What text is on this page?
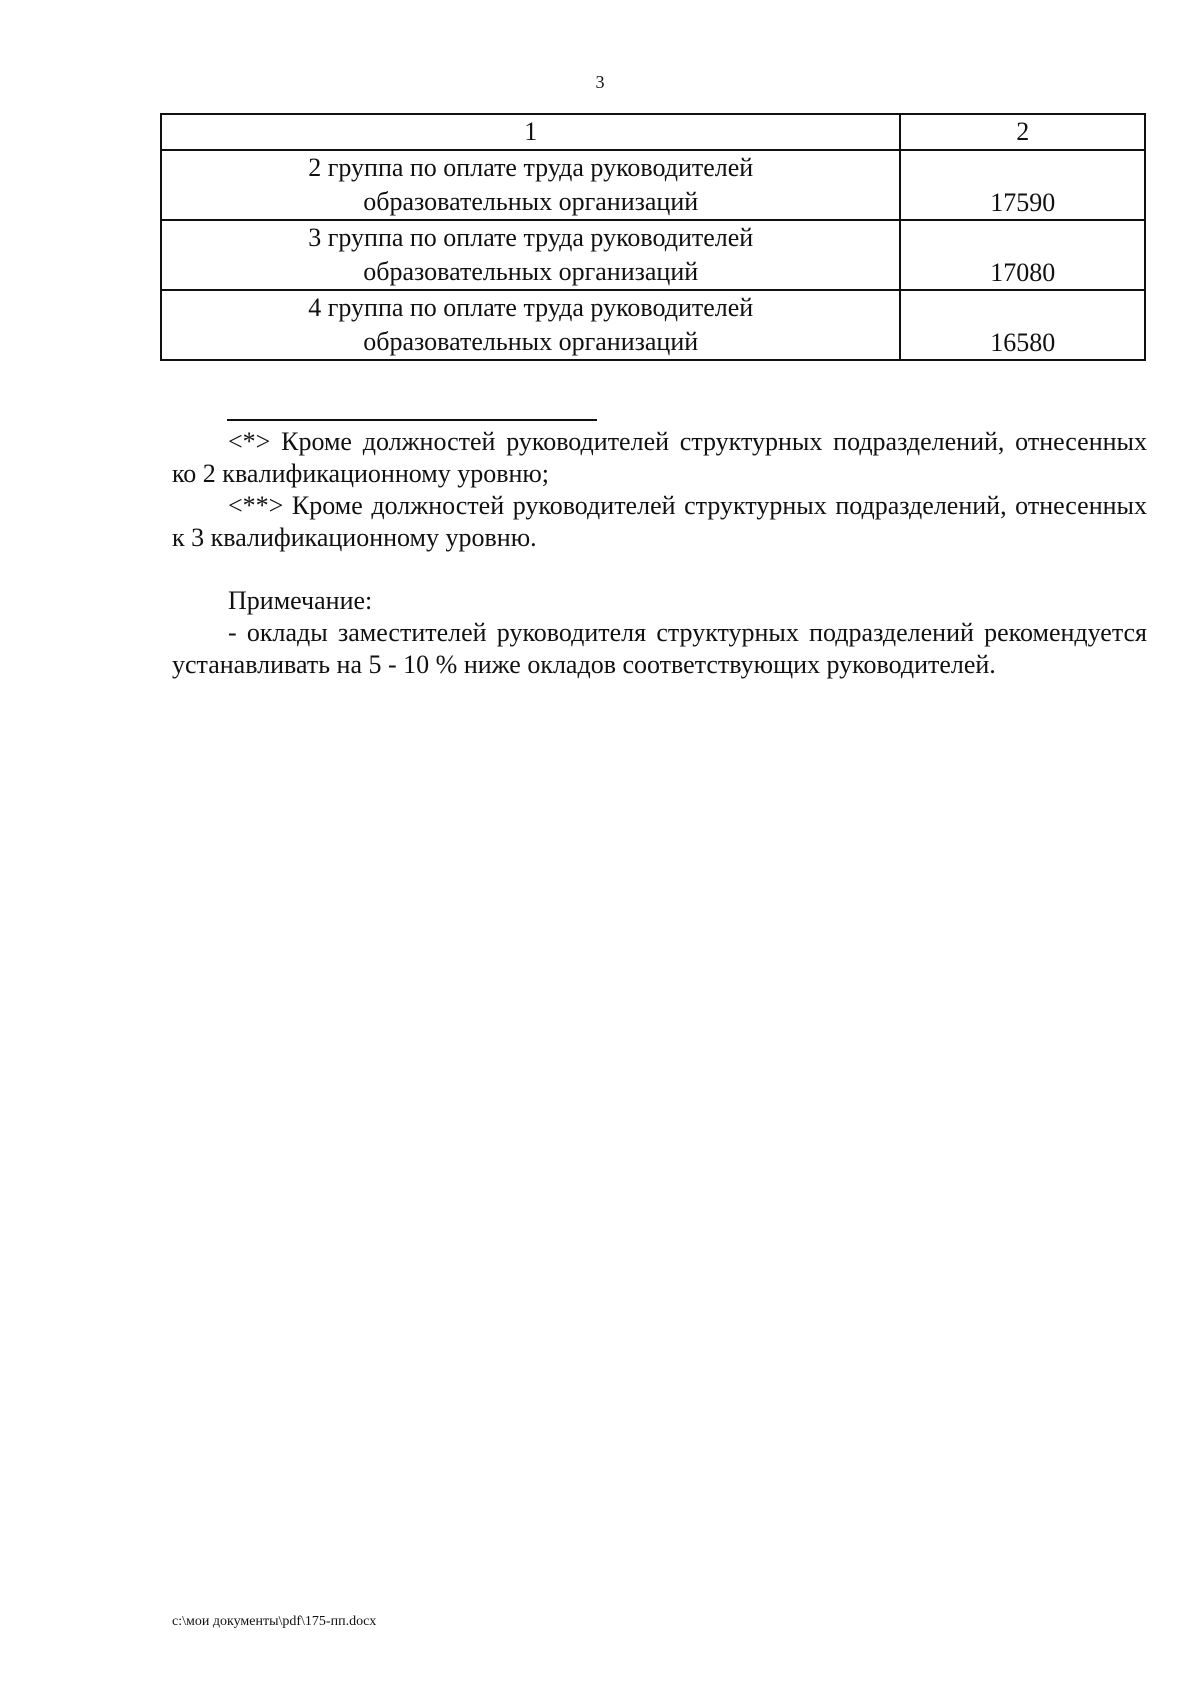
3
1	2

2 группа по оплате труда руководителей
образовательных организаций	17590

3 группа по оплате труда руководителей
образовательных организаций	17080

4 группа по оплате труда руководителей
образовательных организаций	16580

<*> Кроме должностей руководителей структурных подразделений, отнесенных ко 2 квалификационному уровню;

<**> Кроме должностей руководителей структурных подразделений, отнесенных к 3 квалификационному уровню.

Примечание:

- оклады заместителей руководителя структурных подразделений рекомендуется устанавливать на 5 - 10 % ниже окладов соответствующих руководителей.

c:\мои документы\pdf\175-пп.docx
